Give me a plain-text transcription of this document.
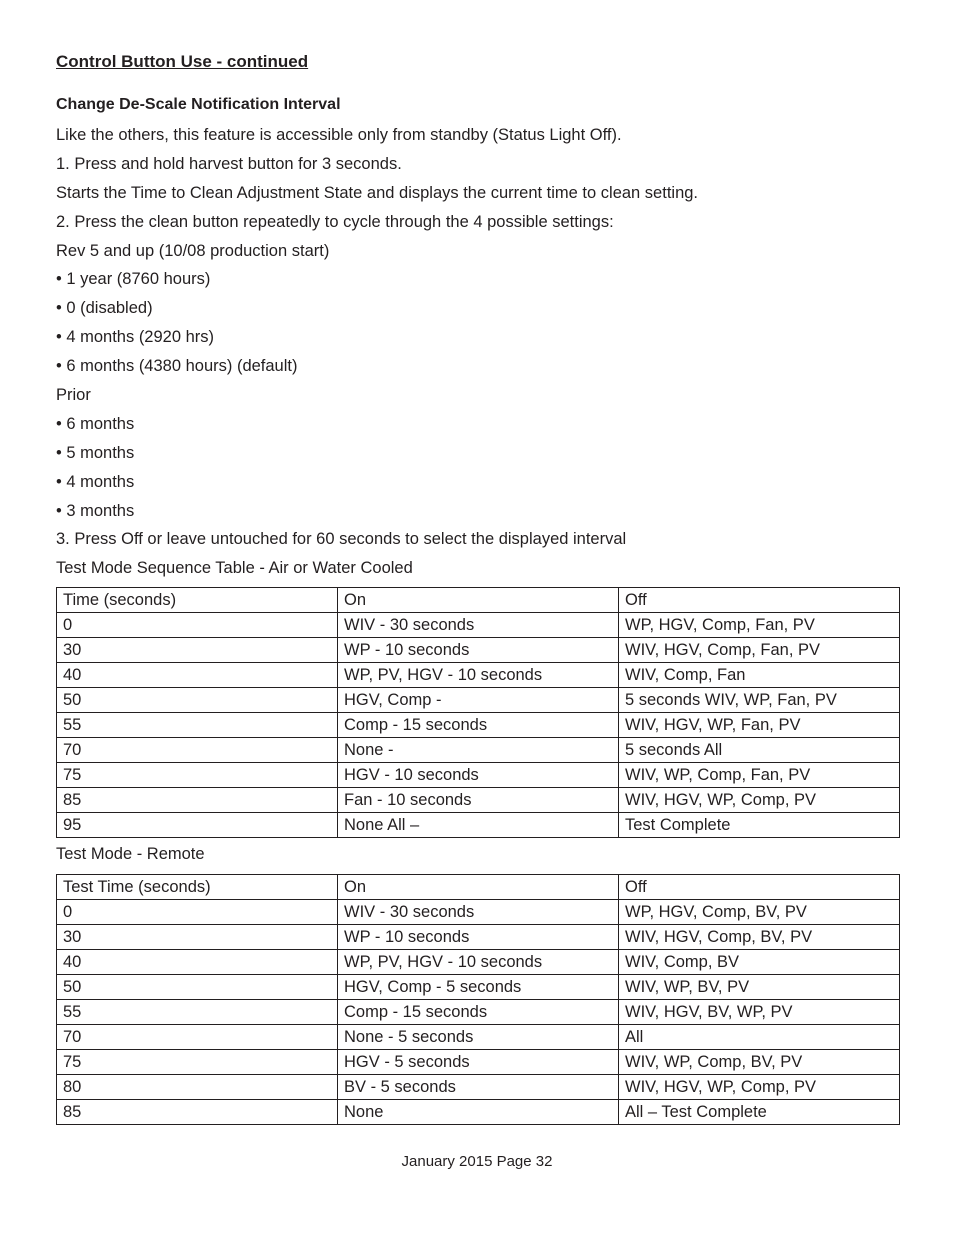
Control Button Use - continued
Change De-Scale Notification Interval
Like the others, this feature is accessible only from standby (Status Light Off).
1. Press and hold harvest button for 3 seconds.
Starts the Time to Clean Adjustment State and displays the current time to clean setting.
2. Press the clean button repeatedly to cycle through the 4 possible settings:
Rev 5 and up (10/08 production start)
• 1 year (8760 hours)
• 0 (disabled)
• 4 months (2920 hrs)
• 6 months (4380 hours) (default)
Prior
• 6 months
• 5 months
• 4 months
• 3 months
3. Press Off or leave untouched for 60 seconds to select the displayed interval
Test Mode Sequence Table - Air or Water Cooled
Time (seconds)	On	Off
0	WIV - 30 seconds	WP, HGV, Comp, Fan, PV
30	WP - 10 seconds	WIV, HGV, Comp, Fan, PV
40	WP, PV, HGV - 10 seconds	WIV, Comp, Fan
50	HGV, Comp -	5 seconds WIV, WP, Fan, PV
55	Comp - 15 seconds	WIV, HGV, WP, Fan, PV
70	None -	5 seconds All
75	HGV - 10 seconds	WIV, WP, Comp, Fan, PV
85	Fan - 10 seconds	WIV, HGV, WP, Comp, PV
95	None All –	Test Complete
Test Mode - Remote
Test Time (seconds)	On	Off
0	WIV - 30 seconds	WP, HGV, Comp, BV, PV
30	WP - 10 seconds	WIV, HGV, Comp, BV, PV
40	WP, PV, HGV - 10 seconds	WIV, Comp, BV
50	HGV, Comp - 5 seconds	WIV, WP, BV, PV
55	Comp - 15 seconds	WIV, HGV, BV, WP, PV
70	None - 5 seconds	All
75	HGV - 5 seconds	WIV, WP, Comp, BV, PV
80	BV - 5 seconds	WIV, HGV, WP, Comp, PV
85	None	All – Test Complete
January 2015 Page 32
